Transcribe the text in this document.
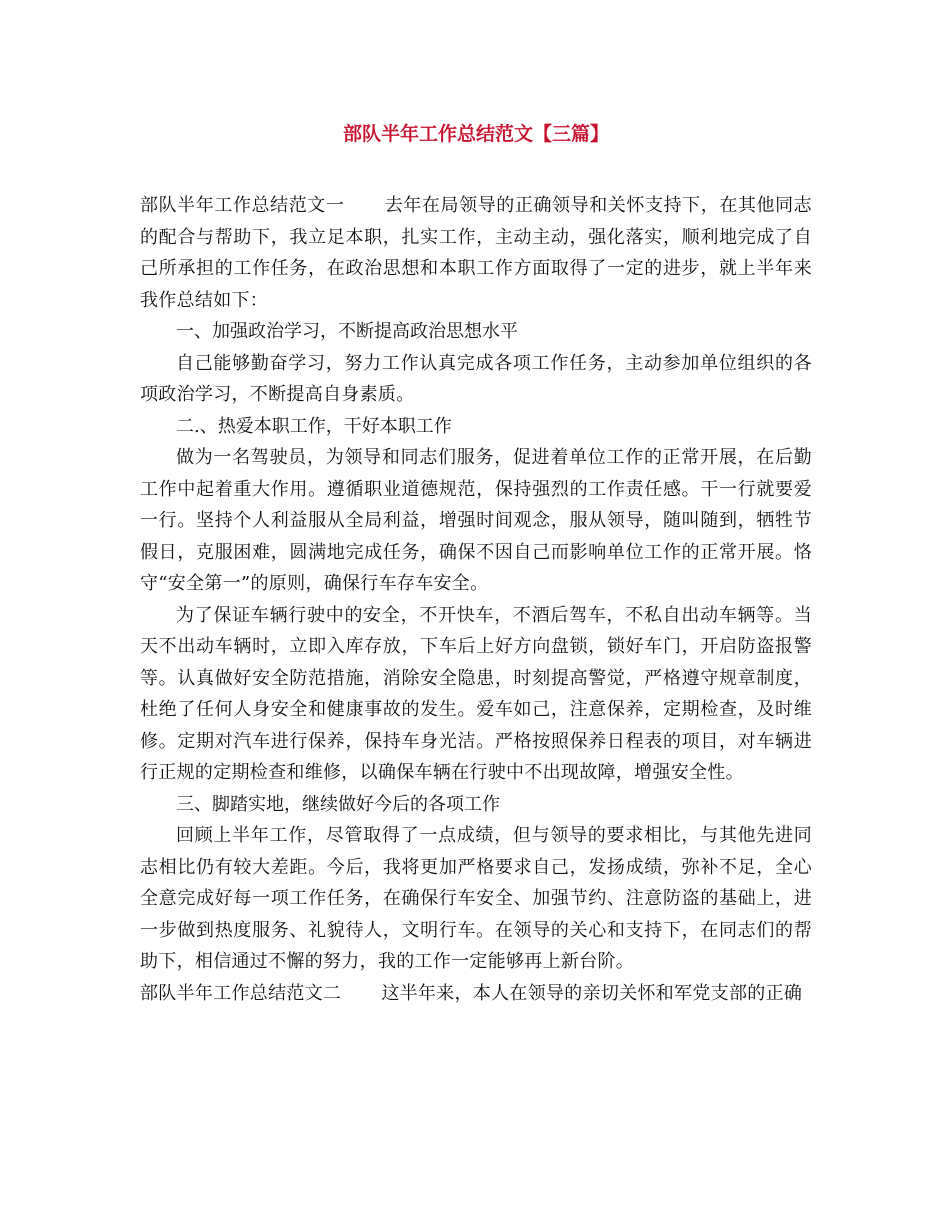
部队半年工作总结范文【三篇】

部队半年工作总结范文一 去年在局领导的正确领导和关怀支持下，在其他同志的配合与帮助下，我立足本职，扎实工作，主动主动，强化落实，顺利地完成了自己所承担的工作任务，在政治思想和本职工作方面取得了一定的进步，就上半年来我作总结如下：

一、加强政治学习，不断提高政治思想水平

自己能够勤奋学习，努力工作认真完成各项工作任务，主动参加单位组织的各项政治学习，不断提高自身素质。

二.、热爱本职工作，干好本职工作

做为一名驾驶员，为领导和同志们服务，促进着单位工作的正常开展，在后勤工作中起着重大作用。遵循职业道德规范，保持强烈的工作责任感。干一行就要爱一行。坚持个人利益服从全局利益，增强时间观念，服从领导，随叫随到，牺牲节假日，克服困难，圆满地完成任务，确保不因自己而影响单位工作的正常开展。恪守“安全第一”的原则，确保行车存车安全。

为了保证车辆行驶中的安全，不开快车，不酒后驾车，不私自出动车辆等。当天不出动车辆时，立即入库存放，下车后上好方向盘锁，锁好车门，开启防盗报警等。认真做好安全防范措施，消除安全隐患，时刻提高警觉，严格遵守规章制度，杜绝了任何人身安全和健康事故的发生。爱车如己，注意保养，定期检查，及时维修。定期对汽车进行保养，保持车身光洁。严格按照保养日程表的项目，对车辆进行正规的定期检查和维修，以确保车辆在行驶中不出现故障，增强安全性。

三、脚踏实地，继续做好今后的各项工作

回顾上半年工作，尽管取得了一点成绩，但与领导的要求相比，与其他先进同志相比仍有较大差距。今后，我将更加严格要求自己，发扬成绩，弥补不足，全心全意完成好每一项工作任务，在确保行车安全、加强节约、注意防盗的基础上，进一步做到热度服务、礼貌待人，文明行车。在领导的关心和支持下，在同志们的帮助下，相信通过不懈的努力，我的工作一定能够再上新台阶。

部队半年工作总结范文二 这半年来，本人在领导的亲切关怀和军党支部的正确
